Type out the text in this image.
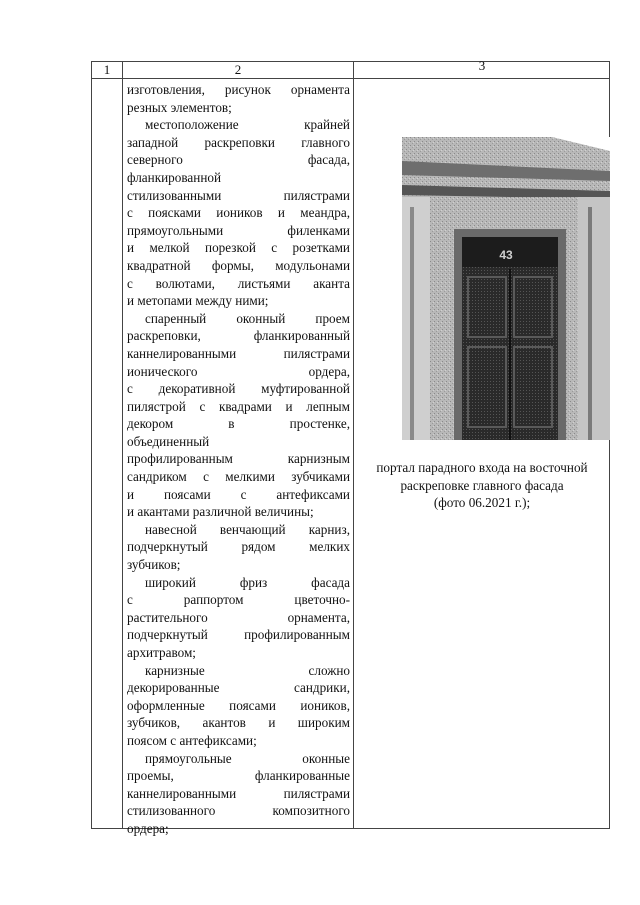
1	2	3
изготовления, рисунок орнамента
резных элементов;
местоположение крайней
западной раскреповки главного
северного фасада,
фланкированной
стилизованными пилястрами
с поясками иоников и меандра,
прямоугольными филенками
и мелкой порезкой с розетками
квадратной формы, модульонами
с волютами, листьями аканта
и метопами между ними;
спаренный оконный проем
раскреповки, фланкированный
каннелированными пилястрами
ионического ордера,
с декоративной муфтированной
пилястрой с квадрами и лепным
декором в простенке,
объединенный
профилированным карнизным
сандриком с мелкими зубчиками
и поясами с антефиксами
и акантами различной величины;
навесной венчающий карниз,
подчеркнутый рядом мелких
зубчиков;
широкий фриз фасада
с раппортом цветочно-
растительного орнамента,
подчеркнутый профилированным
архитравом;
карнизные сложно
декорированные сандрики,
оформленные поясами иоников,
зубчиков, акантов и широким
поясом с антефиксами;
прямоугольные оконные
проемы, фланкированные
каннелированными пилястрами
стилизованного композитного
ордера;
43
портал парадного входа на восточной
раскреповке главного фасада
(фото 06.2021 г.);
